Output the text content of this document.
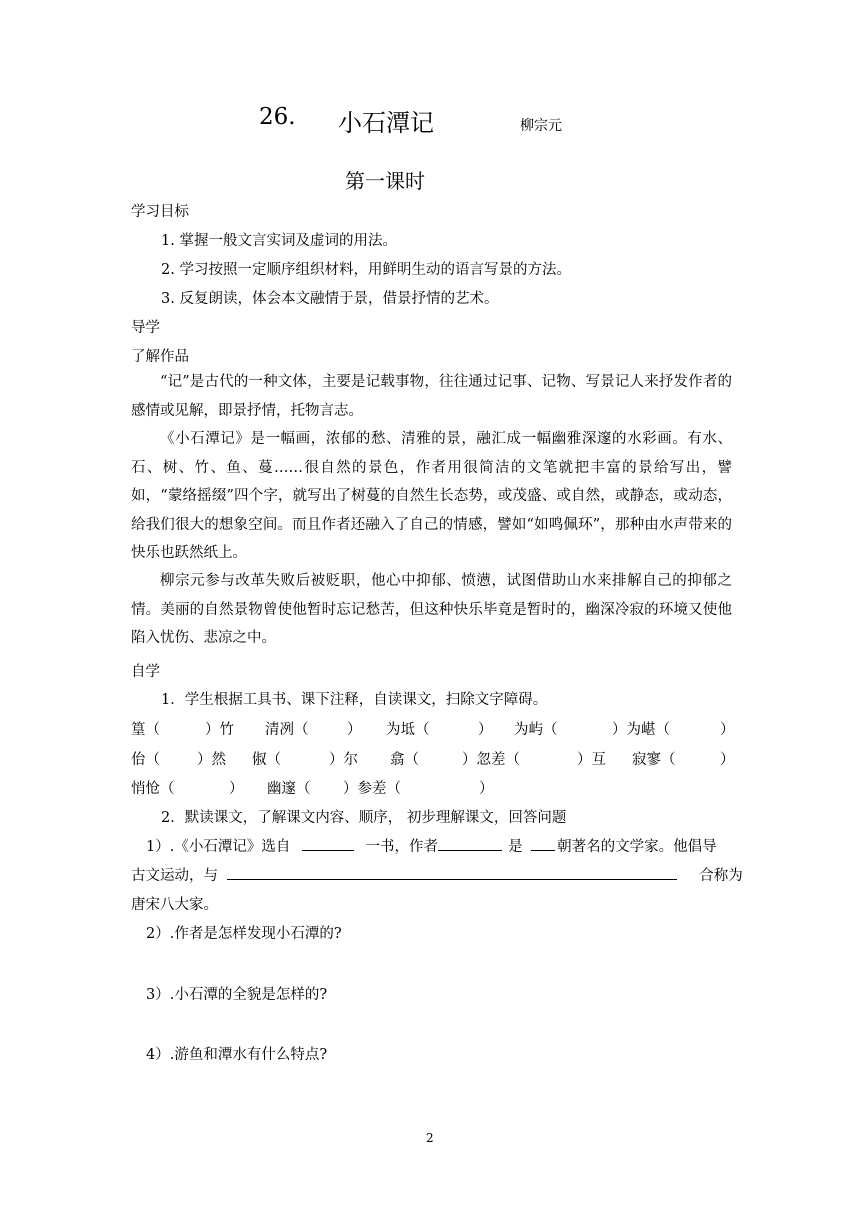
26. 小石潭记	柳宗元
第一课时
学习目标
1. 掌握一般文言实词及虚词的用法。
2. 学习按照一定顺序组织材料，用鲜明生动的语言写景的方法。
3. 反复朗读，体会本文融情于景，借景抒情的艺术。
导学
了解作品
“记”是古代的一种文体，主要是记载事物，往往通过记事、记物、写景记人来抒发作者的感情或见解，即景抒情，托物言志。
《小石潭记》是一幅画，浓郁的愁、清雅的景，融汇成一幅幽雅深邃的水彩画。有水、石、树、竹、鱼、蔓……很自然的景色，作者用很简洁的文笔就把丰富的景给写出，譬如，“蒙络摇缀”四个字，就写出了树蔓的自然生长态势，或茂盛、或自然，或静态，或动态，给我们很大的想象空间。而且作者还融入了自己的情感，譬如“如鸣佩环”，那种由水声带来的快乐也跃然纸上。
柳宗元参与改革失败后被贬职，他心中抑郁、愤懑，试图借助山水来排解自己的抑郁之情。美丽的自然景物曾使他暂时忘记愁苦，但这种快乐毕竟是暂时的，幽深冷寂的环境又使他陷入忧伤、悲凉之中。
自学
1．学生根据工具书、课下注释，自读课文，扫除文字障碍。
篁（	）竹 清冽（	） 为坻（	） 为屿（	）为嵁（	）
佁（	）然 俶（	）尔 翕（	）忽差（	）互 寂寥（	）
悄怆（	） 幽邃（ ）参差（	）
2．默读课文，了解课文内容、顺序， 初步理解课文，回答问题
1）.《小石潭记》选自	一书，作者	是 朝著名的文学家。他倡导
古文运动，与	合称为
唐宋八大家。
2）.作者是怎样发现小石潭的?
3）.小石潭的全貌是怎样的?
4）.游鱼和潭水有什么特点?
2
